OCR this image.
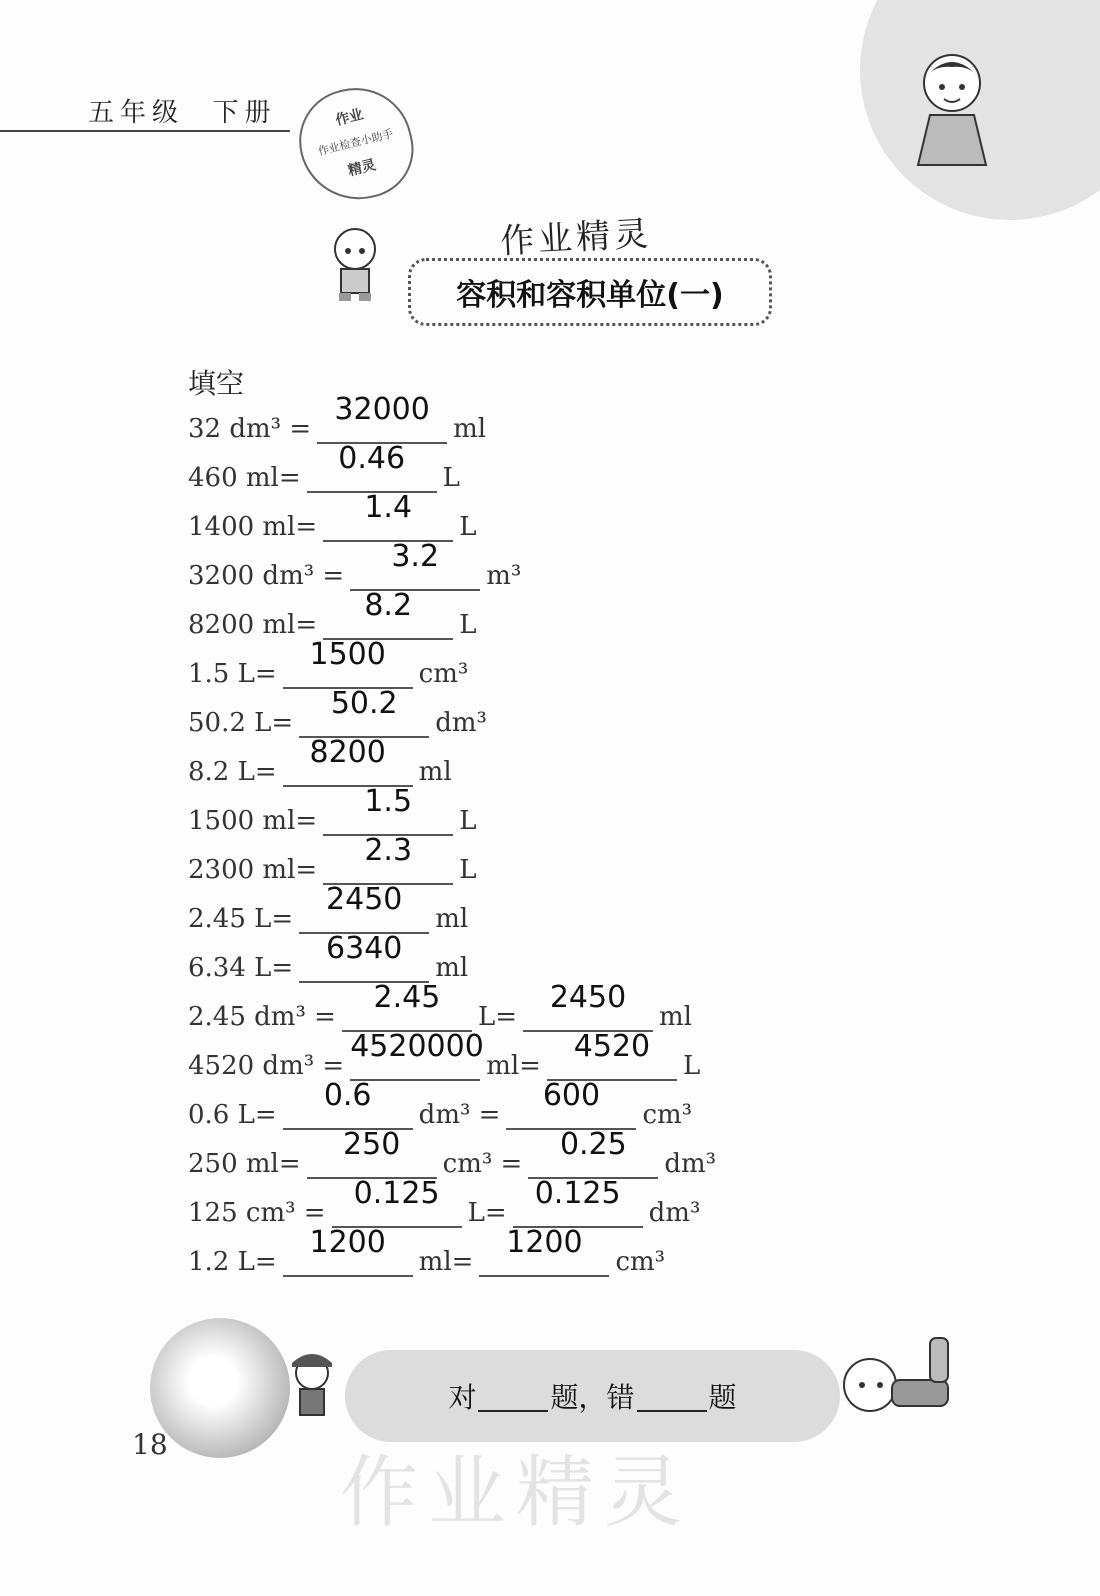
五年级 下册	作业
作业检查小助手
精灵
作业精灵
容积和容积单位(一)
填空
32 dm³ =
32000
ml
460 ml=
0.46
L
1400 ml=
1.4
L
3200 dm³ =
3.2
m³
8200 ml=
8.2
L
1.5 L=
1500
cm³
50.2 L=
50.2
dm³
8.2 L=
8200
ml
1500 ml=
1.5
L
2300 ml=
2.3
L
2.45 L=
2450
ml
6.34 L=
6340
ml
2.45 dm³ =
2.45
L=
2450
ml
4520 dm³ =
4520000
ml=
4520
L
0.6 L=
0.6
dm³ =
600
cm³
250 ml=
250
cm³ =
0.25
dm³
125 cm³ =
0.125
L=
0.125
dm³
1.2 L=
1200
ml=
1200
cm³
对	题，错	题
18
作业精灵
